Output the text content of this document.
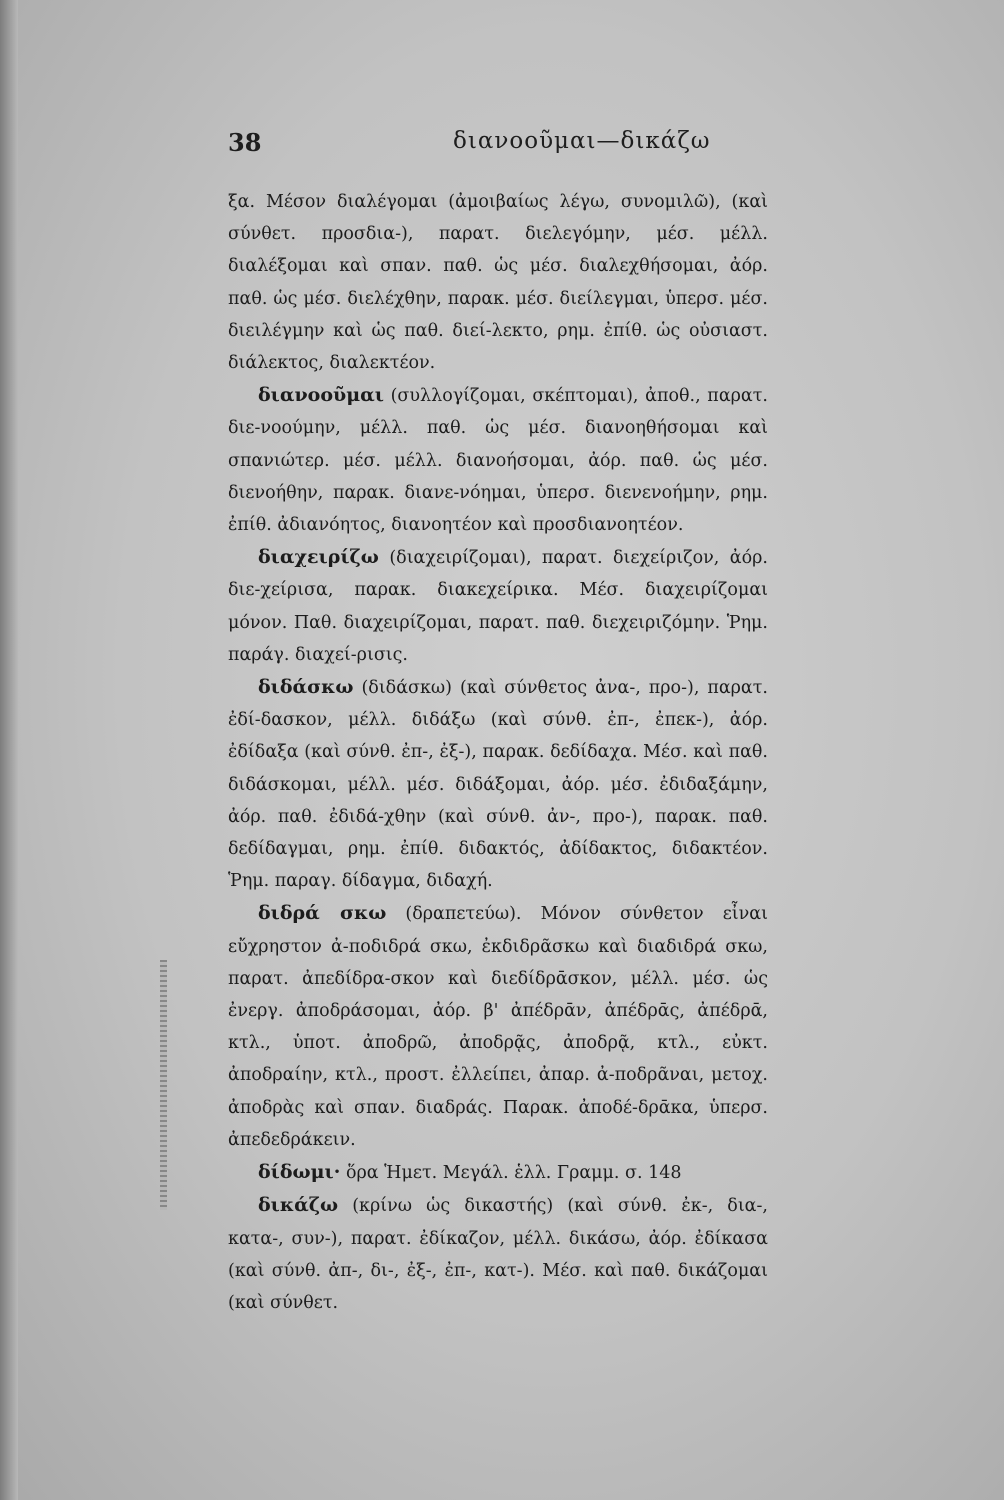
38	διανοοῦμαι—δικάζω

ξα. Μέσον διαλέγομαι (ἀμοιβαίως λέγω, συνομιλῶ), (καὶ σύνθετ. προσδια-), παρατ. διελεγόμην, μέσ. μέλλ. διαλέξομαι καὶ σπαν. παθ. ὡς μέσ. διαλεχθήσομαι, ἀόρ. παθ. ὡς μέσ. διελέχθην, παρακ. μέσ. διείλεγμαι, ὑπερσ. μέσ. διειλέγμην καὶ ὡς παθ. διεί-λεκτο, ρημ. ἐπίθ. ὡς οὐσιαστ. διάλεκτος, διαλεκτέον.

διανοοῦμαι (συλλογίζομαι, σκέπτομαι), ἀποθ., παρατ. διε-νοούμην, μέλλ. παθ. ὡς μέσ. διανοηθήσομαι καὶ σπανιώτερ. μέσ. μέλλ. διανοήσομαι, ἀόρ. παθ. ὡς μέσ. διενοήθην, παρακ. διανε-νόημαι, ὑπερσ. διενενοήμην, ρημ. ἐπίθ. ἀδιανόητος, διανοητέον καὶ προσδιανοητέον.

διαχειρίζω (διαχειρίζομαι), παρατ. διεχείριζον, ἀόρ. διε-χείρισα, παρακ. διακεχείρικα. Μέσ. διαχειρίζομαι μόνον. Παθ. διαχειρίζομαι, παρατ. παθ. διεχειριζόμην. Ῥημ. παράγ. διαχεί-ρισις.

διδάσκω (διδάσκω) (καὶ σύνθετος ἀνα-, προ-), παρατ. ἐδί-δασκον, μέλλ. διδάξω (καὶ σύνθ. ἐπ-, ἐπεκ-), ἀόρ. ἐδίδαξα (καὶ σύνθ. ἐπ-, ἐξ-), παρακ. δεδίδαχα. Μέσ. καὶ παθ. διδάσκομαι, μέλλ. μέσ. διδάξομαι, ἀόρ. μέσ. ἐδιδαξάμην, ἀόρ. παθ. ἐδιδά-χθην (καὶ σύνθ. ἀν-, προ-), παρακ. παθ. δεδίδαγμαι, ρημ. ἐπίθ. διδακτός, ἀδίδακτος, διδακτέον. Ῥημ. παραγ. δίδαγμα, διδαχή.

διδρά σκω (δραπετεύω). Μόνον σύνθετον εἶναι εὔχρηστον ἀ-ποδιδρά σκω, ἐκδιδρᾶσκω καὶ διαδιδρά σκω, παρατ. ἀπεδίδρα-σκον καὶ διεδίδρᾱσκον, μέλλ. μέσ. ὡς ἐνεργ. ἀποδράσομαι, ἀόρ. β' ἀπέδρᾱν, ἀπέδρᾱς, ἀπέδρᾱ, κτλ., ὑποτ. ἀποδρῶ, ἀποδρᾷς, ἀποδρᾷ, κτλ., εὐκτ. ἀποδραίην, κτλ., προστ. ἐλλείπει, ἀπαρ. ἀ-ποδρᾶναι, μετοχ. ἀποδρὰς καὶ σπαν. διαδράς. Παρακ. ἀποδέ-δρᾱκα, ὑπερσ. ἀπεδεδράκειν.

δίδωμι· ὅρα Ἡμετ. Μεγάλ. ἑλλ. Γραμμ. σ. 148

δικάζω (κρίνω ὡς δικαστής) (καὶ σύνθ. ἐκ-, δια-, κατα-, συν-), παρατ. ἐδίκαζον, μέλλ. δικάσω, ἀόρ. ἐδίκασα (καὶ σύνθ. ἀπ-, δι-, ἐξ-, ἐπ-, κατ-). Μέσ. καὶ παθ. δικάζομαι (καὶ σύνθετ.
